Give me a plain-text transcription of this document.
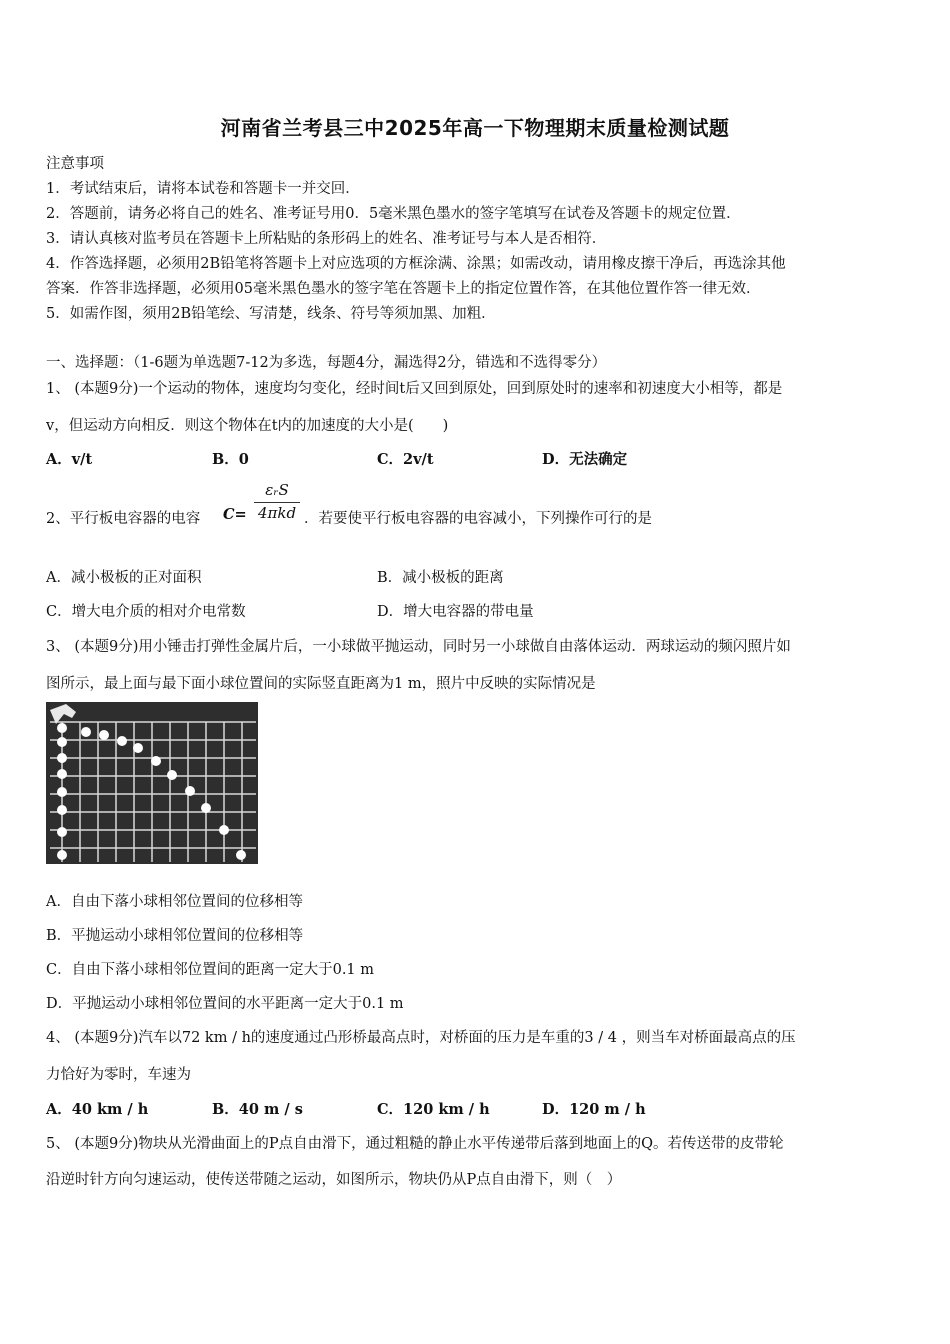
河南省兰考县三中2025年高一下物理期末质量检测试题
注意事项
1．考试结束后，请将本试卷和答题卡一并交回．
2．答题前，请务必将自己的姓名、准考证号用0．5毫米黑色墨水的签字笔填写在试卷及答题卡的规定位置．
3．请认真核对监考员在答题卡上所粘贴的条形码上的姓名、准考证号与本人是否相符．
4．作答选择题，必须用2B铅笔将答题卡上对应选项的方框涂满、涂黑；如需改动，请用橡皮擦干净后，再选涂其他
答案．作答非选择题，必须用05毫米黑色墨水的签字笔在答题卡上的指定位置作答，在其他位置作答一律无效．
5．如需作图，须用2B铅笔绘、写清楚，线条、符号等须加黑、加粗．
一、选择题：（1-6题为单选题7-12为多选，每题4分，漏选得2分，错选和不选得零分）
1、 (本题9分)一个运动的物体，速度均匀变化，经时间t后又回到原处，回到原处时的速率和初速度大小相等，都是
v，但运动方向相反．则这个物体在t内的加速度的大小是(　　)
A．v/t	B．0	C．2v/t	D．无法确定
2、平行板电容器的电容 C=
εᵣS
4πkd ．若要使平行板电容器的电容减小，下列操作可行的是
A．减小极板的正对面积	B．减小极板的距离
C．增大电介质的相对介电常数	D．增大电容器的带电量
3、 (本题9分)用小锤击打弹性金属片后，一小球做平抛运动，同时另一小球做自由落体运动．两球运动的频闪照片如
图所示，最上面与最下面小球位置间的实际竖直距离为1 m，照片中反映的实际情况是
A．自由下落小球相邻位置间的位移相等
B．平抛运动小球相邻位置间的位移相等
C．自由下落小球相邻位置间的距离一定大于0.1 m
D．平抛运动小球相邻位置间的水平距离一定大于0.1 m
4、 (本题9分)汽车以72 km / h的速度通过凸形桥最高点时，对桥面的压力是车重的3 / 4 ，则当车对桥面最高点的压
力恰好为零时，车速为
A．40 km / h	B．40 m / s	C．120 km / h	D．120 m / h
5、 (本题9分)物块从光滑曲面上的P点自由滑下，通过粗糙的静止水平传递带后落到地面上的Q。若传送带的皮带轮
沿逆时针方向匀速运动，使传送带随之运动，如图所示，物块仍从P点自由滑下，则（　）
